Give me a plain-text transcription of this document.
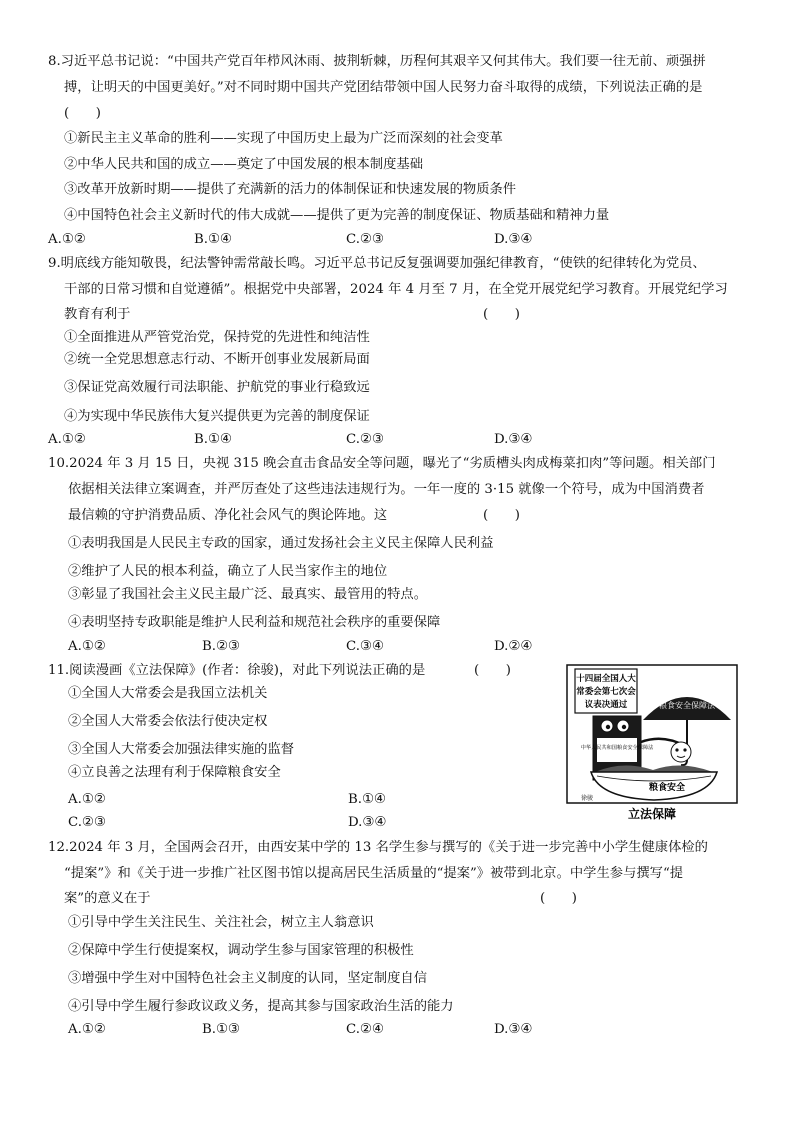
8.习近平总书记说：“中国共产党百年栉风沐雨、披荆斩棘，历程何其艰辛又何其伟大。我们要一往无前、顽强拼
搏，让明天的中国更美好。”对不同时期中国共产党团结带领中国人民努力奋斗取得的成绩，下列说法正确的是
(　　)
①新民主主义革命的胜利——实现了中国历史上最为广泛而深刻的社会变革
②中华人民共和国的成立——奠定了中国发展的根本制度基础
③改革开放新时期——提供了充满新的活力的体制保证和快速发展的物质条件
④中国特色社会主义新时代的伟大成就——提供了更为完善的制度保证、物质基础和精神力量
A.①②	B.①④	C.②③	D.③④
9.明底线方能知敬畏，纪法警钟需常敲长鸣。习近平总书记反复强调要加强纪律教育，“使铁的纪律转化为党员、
干部的日常习惯和自觉遵循”。根据党中央部署，2024 年 4 月至 7 月，在全党开展党纪学习教育。开展党纪学习
教育有利于	(　　)
①全面推进从严管党治党，保持党的先进性和纯洁性
②统一全党思想意志行动、不断开创事业发展新局面
③保证党高效履行司法职能、护航党的事业行稳致远
④为实现中华民族伟大复兴提供更为完善的制度保证
A.①②	B.①④	C.②③	D.③④
10.2024 年 3 月 15 日，央视 315 晚会直击食品安全等问题，曝光了“劣质槽头肉成梅菜扣肉”等问题。相关部门
依据相关法律立案调查，并严厉查处了这些违法违规行为。一年一度的 3·15 就像一个符号，成为中国消费者
最信赖的守护消费品质、净化社会风气的舆论阵地。这	(　　)
①表明我国是人民民主专政的国家，通过发扬社会主义民主保障人民利益
②维护了人民的根本利益，确立了人民当家作主的地位
③彰显了我国社会主义民主最广泛、最真实、最管用的特点。
④表明坚持专政职能是维护人民利益和规范社会秩序的重要保障
A.①②	B.②③	C.③④	D.②④
11.阅读漫画《立法保障》(作者：徐骏)，对此下列说法正确的是	(　　)
①全国人大常委会是我国立法机关
②全国人大常委会依法行使决定权
③全国人大常委会加强法律实施的监督
④立良善之法理有利于保障粮食安全
A.①②	B.①④
C.②③	D.③④
十四届全国人大
常委会第七次会
议表决通过	粮食安全保障法
中华人民共和国粮食安全保障法
粮食安全
徐骏
立法保障
12.2024 年 3 月，全国两会召开，由西安某中学的 13 名学生参与撰写的《关于进一步完善中小学生健康体检的
“提案”》和《关于进一步推广社区图书馆以提高居民生活质量的“提案”》被带到北京。中学生参与撰写“提
案”的意义在于	(　　)
①引导中学生关注民生、关注社会，树立主人翁意识
②保障中学生行使提案权，调动学生参与国家管理的积极性
③增强中学生对中国特色社会主义制度的认同，坚定制度自信
④引导中学生履行参政议政义务，提高其参与国家政治生活的能力
A.①②	B.①③	C.②④	D.③④
